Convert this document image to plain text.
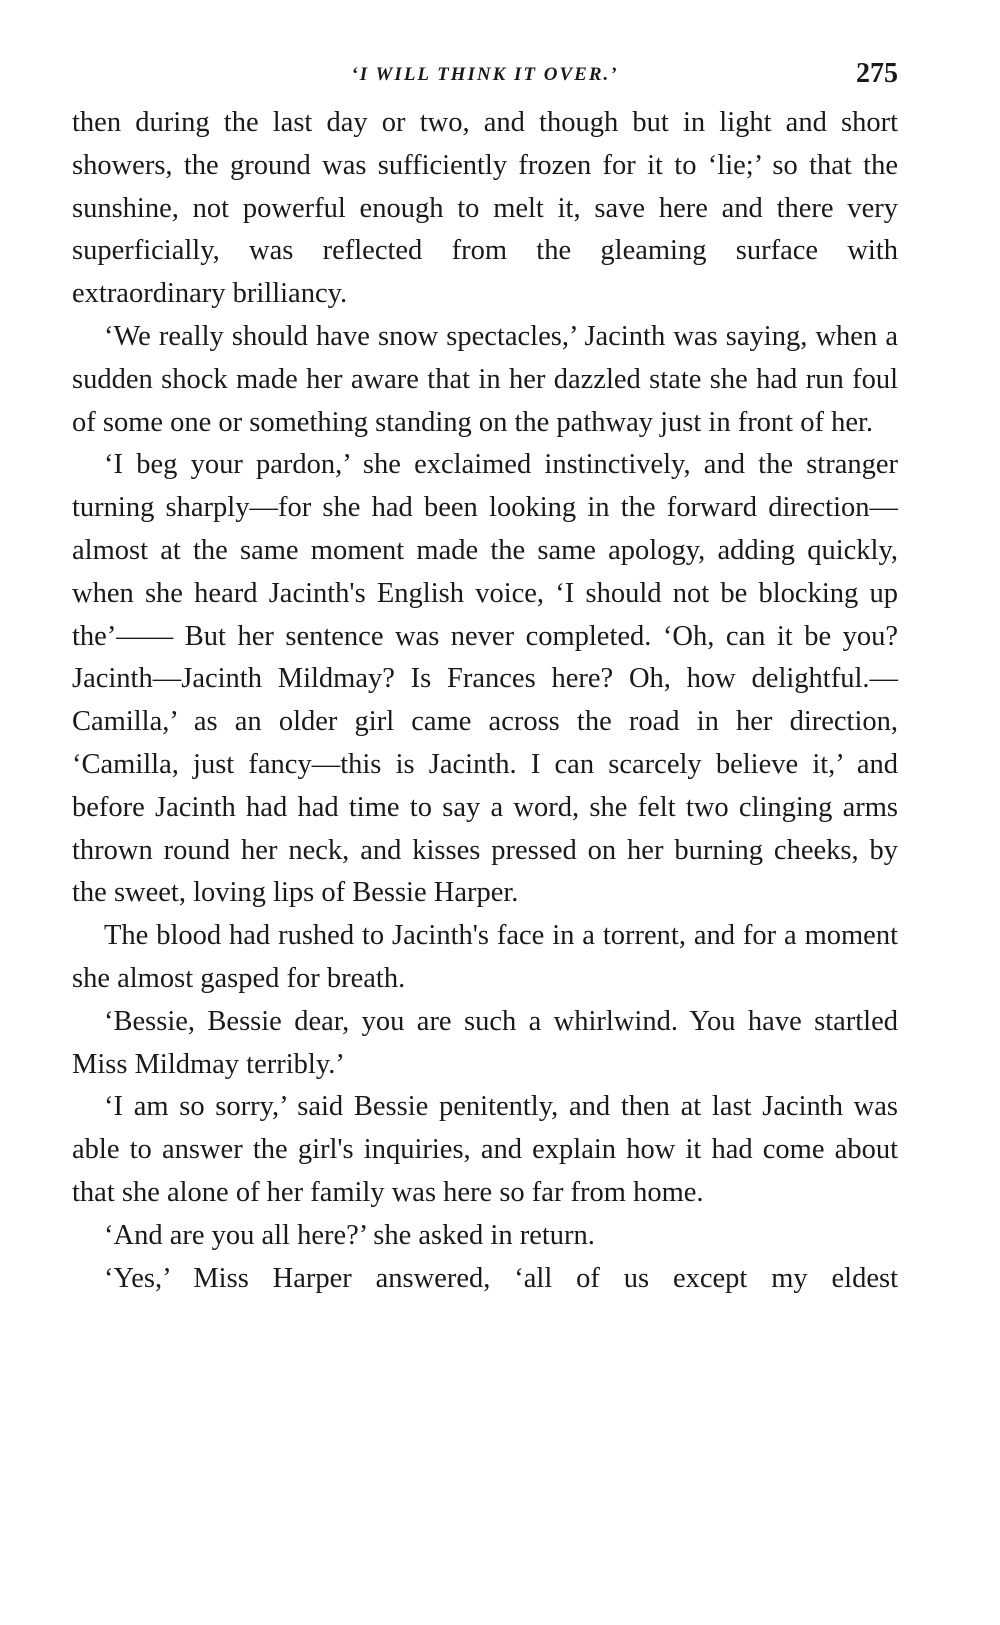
‘I WILL THINK IT OVER.’	275

then during the last day or two, and though but in light and short showers, the ground was sufficiently frozen for it to ‘lie;’ so that the sunshine, not powerful enough to melt it, save here and there very superficially, was reflected from the gleaming surface with extraordinary brilliancy.

‘We really should have snow spectacles,’ Jacinth was saying, when a sudden shock made her aware that in her dazzled state she had run foul of some one or something standing on the pathway just in front of her.

‘I beg your pardon,’ she exclaimed instinctively, and the stranger turning sharply—for she had been looking in the forward direction—almost at the same moment made the same apology, adding quickly, when she heard Jacinth's English voice, ‘I should not be blocking up the’—— But her sentence was never completed. ‘Oh, can it be you? Jacinth—Jacinth Mildmay? Is Frances here? Oh, how delightful.—Camilla,’ as an older girl came across the road in her direction, ‘Camilla, just fancy—this is Jacinth. I can scarcely believe it,’ and before Jacinth had had time to say a word, she felt two clinging arms thrown round her neck, and kisses pressed on her burning cheeks, by the sweet, loving lips of Bessie Harper.

The blood had rushed to Jacinth's face in a torrent, and for a moment she almost gasped for breath.

‘Bessie, Bessie dear, you are such a whirlwind. You have startled Miss Mildmay terribly.’

‘I am so sorry,’ said Bessie penitently, and then at last Jacinth was able to answer the girl's inquiries, and explain how it had come about that she alone of her family was here so far from home.

‘And are you all here?’ she asked in return.

‘Yes,’ Miss Harper answered, ‘all of us except my eldest
